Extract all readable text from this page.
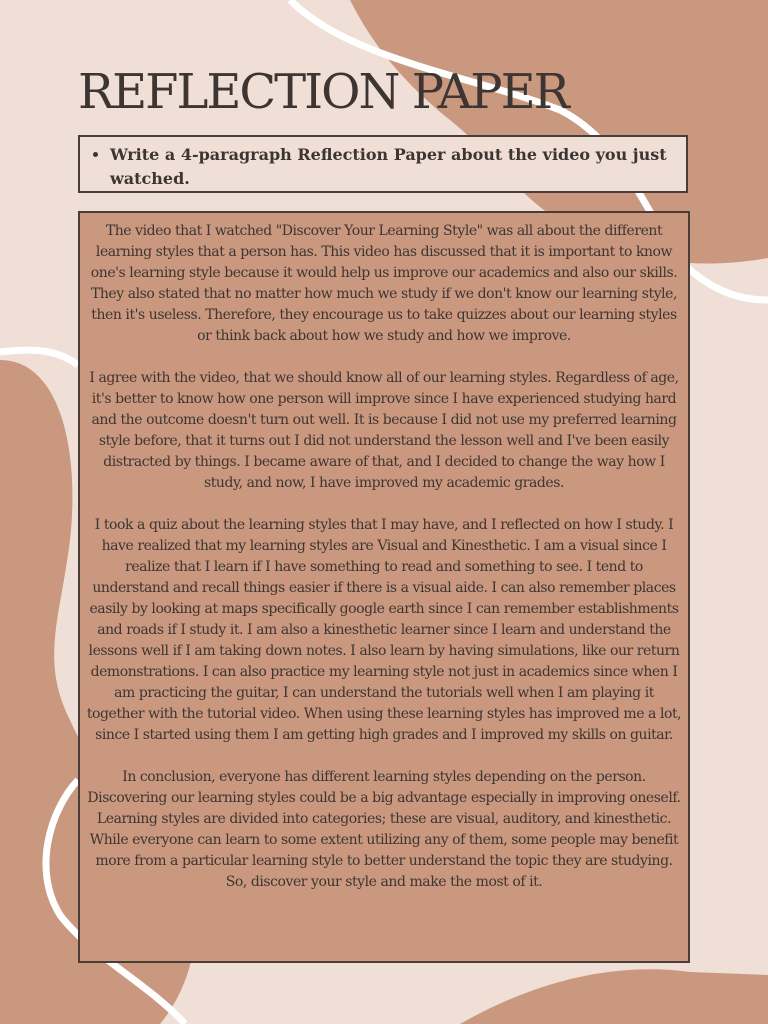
REFLECTION PAPER
• Write a 4-paragraph Reflection Paper about the video you just watched.

The video that I watched "Discover Your Learning Style" was all about the different learning styles that a person has. This video has discussed that it is important to know one's learning style because it would help us improve our academics and also our skills. They also stated that no matter how much we study if we don't know our learning style, then it's useless. Therefore, they encourage us to take quizzes about our learning styles or think back about how we study and how we improve.

I agree with the video, that we should know all of our learning styles. Regardless of age, it's better to know how one person will improve since I have experienced studying hard and the outcome doesn't turn out well. It is because I did not use my preferred learning style before, that it turns out I did not understand the lesson well and I've been easily distracted by things. I became aware of that, and I decided to change the way how I study, and now, I have improved my academic grades.

I took a quiz about the learning styles that I may have, and I reflected on how I study. I have realized that my learning styles are Visual and Kinesthetic. I am a visual since I realize that I learn if I have something to read and something to see. I tend to understand and recall things easier if there is a visual aide. I can also remember places easily by looking at maps specifically google earth since I can remember establishments and roads if I study it. I am also a kinesthetic learner since I learn and understand the lessons well if I am taking down notes. I also learn by having simulations, like our return demonstrations. I can also practice my learning style not just in academics since when I am practicing the guitar, I can understand the tutorials well when I am playing it together with the tutorial video. When using these learning styles has improved me a lot, since I started using them I am getting high grades and I improved my skills on guitar.

In conclusion, everyone has different learning styles depending on the person. Discovering our learning styles could be a big advantage especially in improving oneself. Learning styles are divided into categories; these are visual, auditory, and kinesthetic. While everyone can learn to some extent utilizing any of them, some people may benefit more from a particular learning style to better understand the topic they are studying. So, discover your style and make the most of it.
